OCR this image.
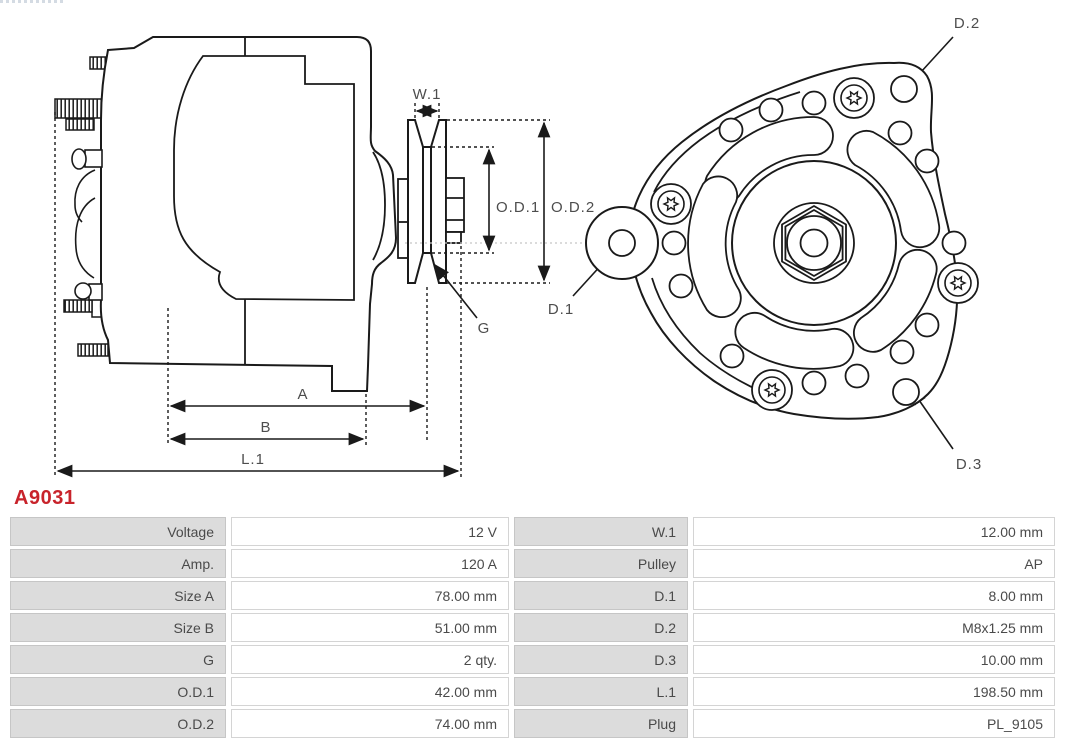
W.1
O.D.1 O.D.2
G
D.1
A
B
L.1
D.2
D.3
A9031
Voltage	12 V	W.1	12.00 mm
Amp.	120 A	Pulley	AP
Size A	78.00 mm	D.1	8.00 mm
Size B	51.00 mm	D.2	M8x1.25 mm
G	2 qty.	D.3	10.00 mm
O.D.1	42.00 mm	L.1	198.50 mm
O.D.2	74.00 mm	Plug	PL_9105
